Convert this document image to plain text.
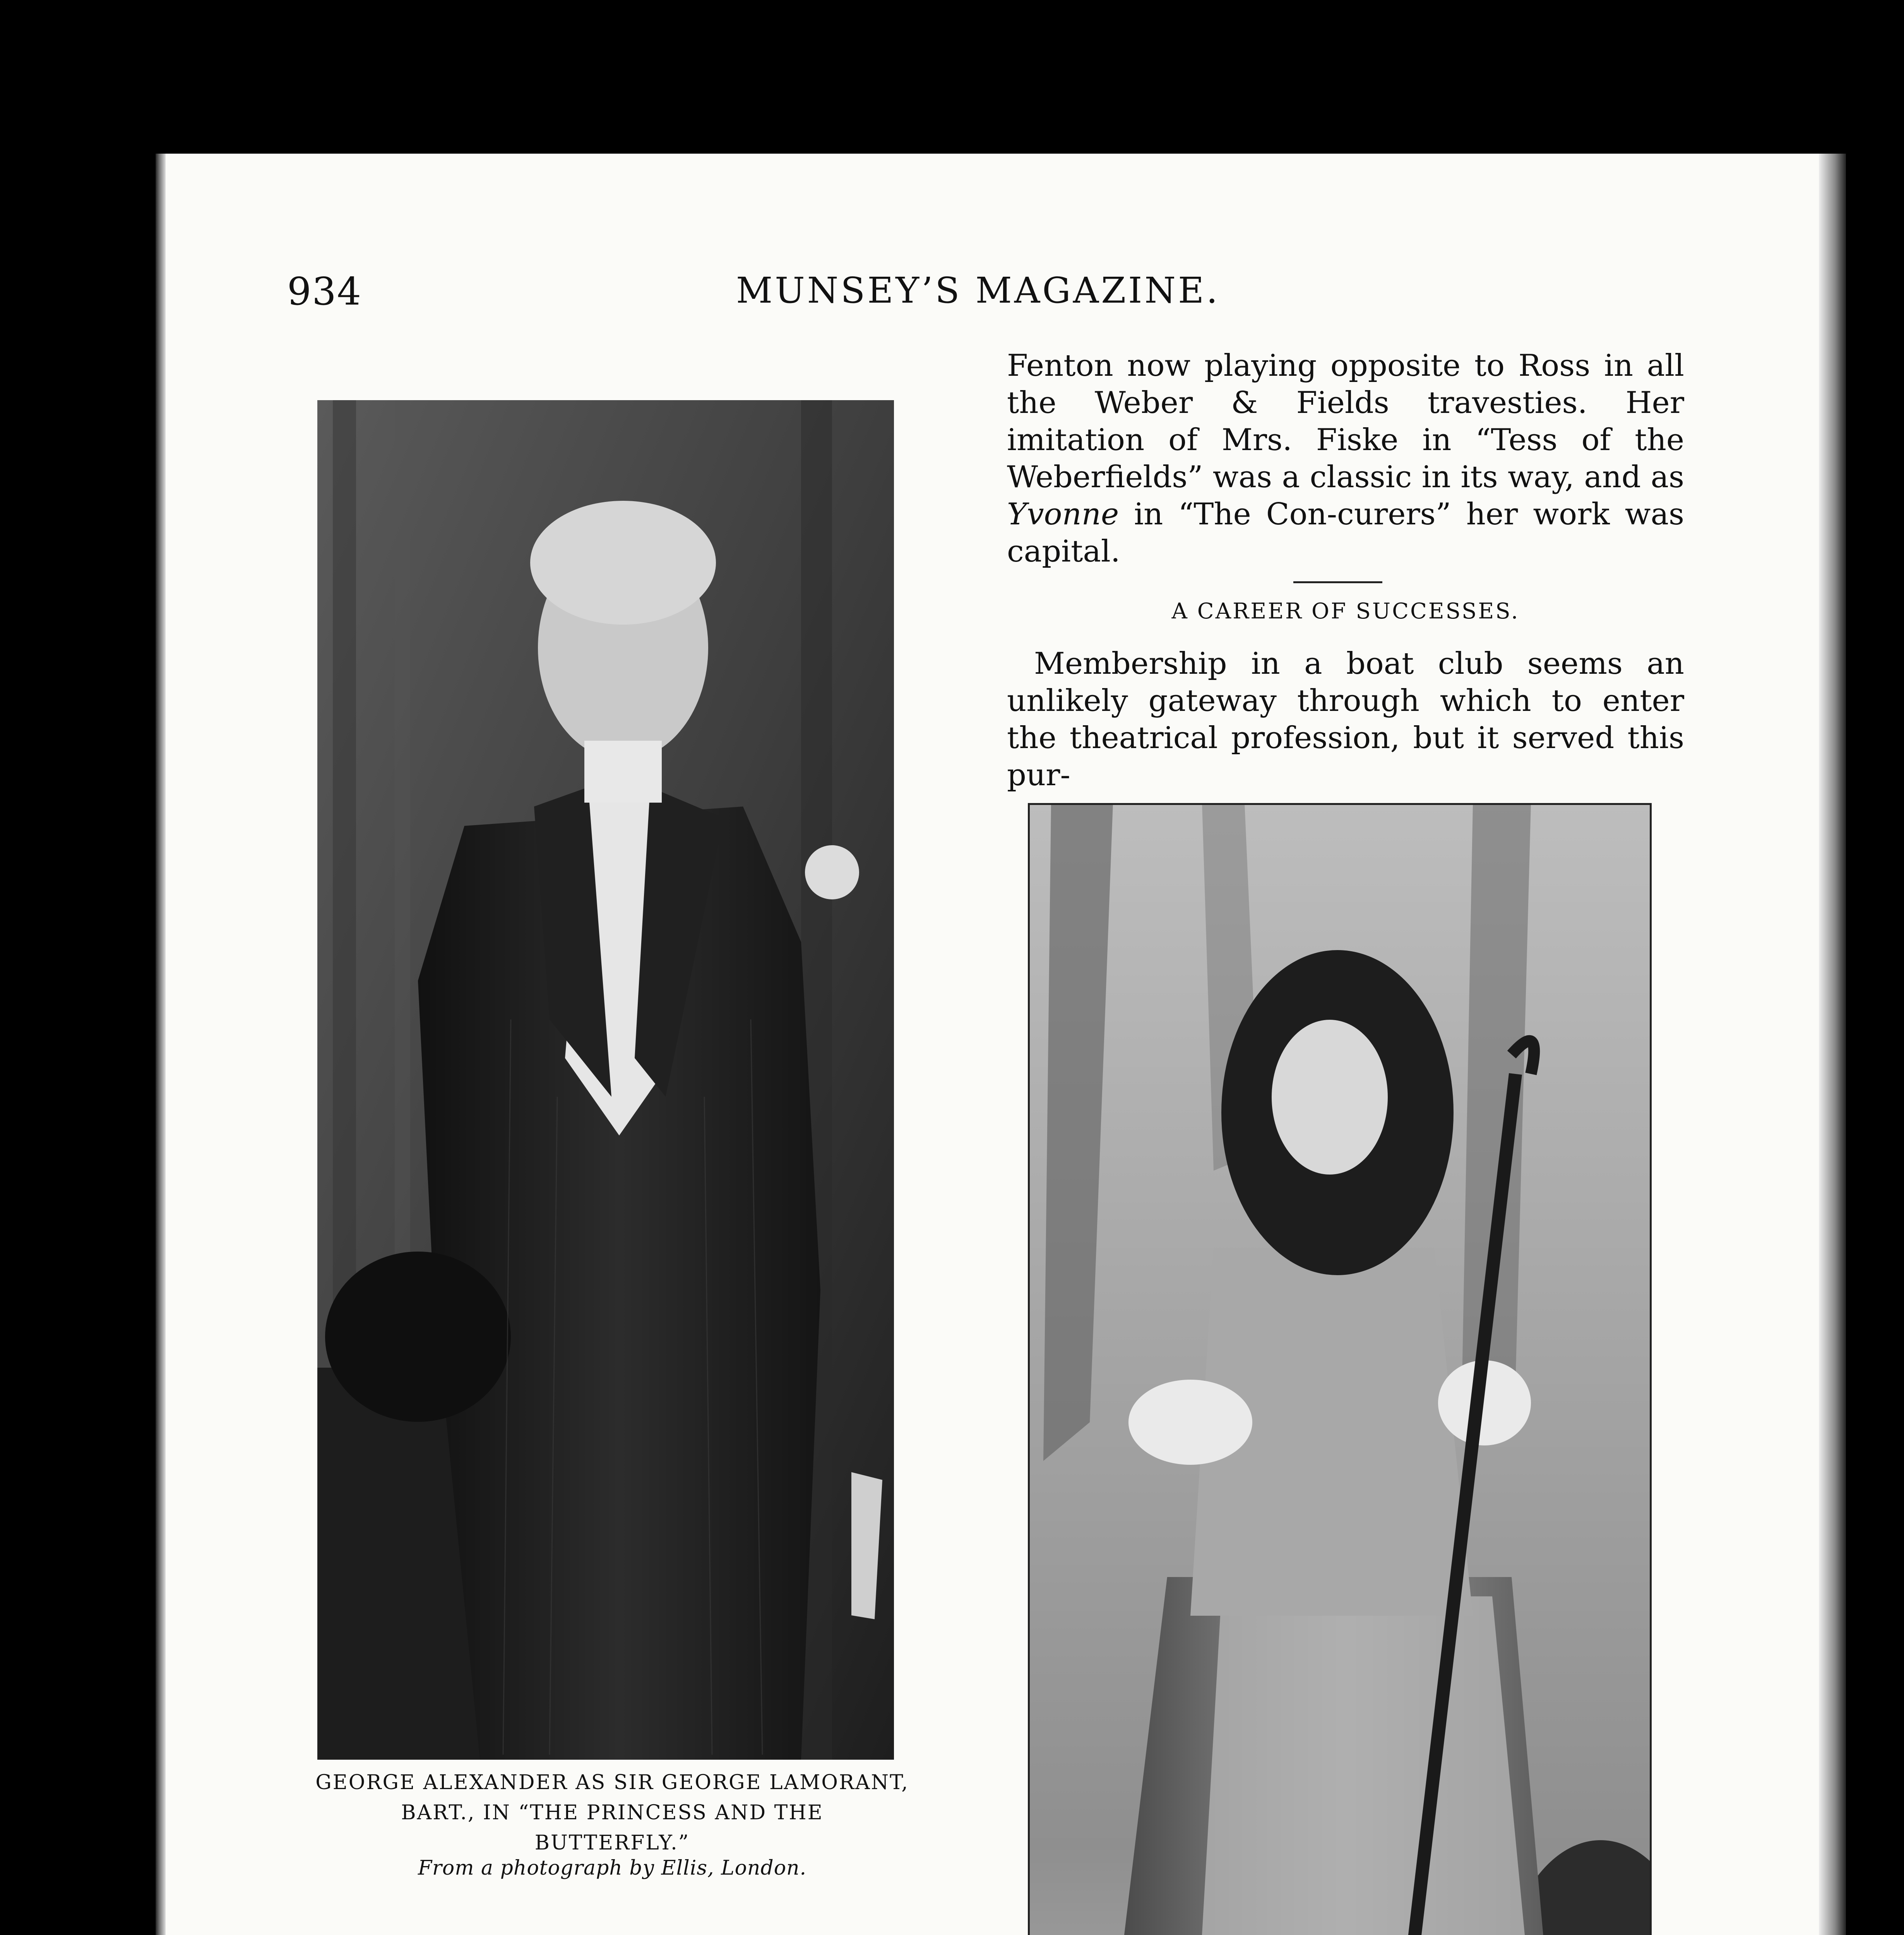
934	MUNSEY’S MAGAZINE.
GEORGE ALEXANDER AS SIR GEORGE LAMORANT,
BART., IN “THE PRINCESS AND THE
BUTTERFLY.”
From a photograph by Ellis, London.

Fenton now playing opposite to Ross in all the Weber & Fields travesties. Her imitation of Mrs. Fiske in “Tess of the Weberfields” was a classic in its way, and as Yvonne in “The Con-curers” her work was capital.

A CAREER OF SUCCESSES.

Membership in a boat club seems an unlikely gateway through which to enter the theatrical profession, but it served this pur-
